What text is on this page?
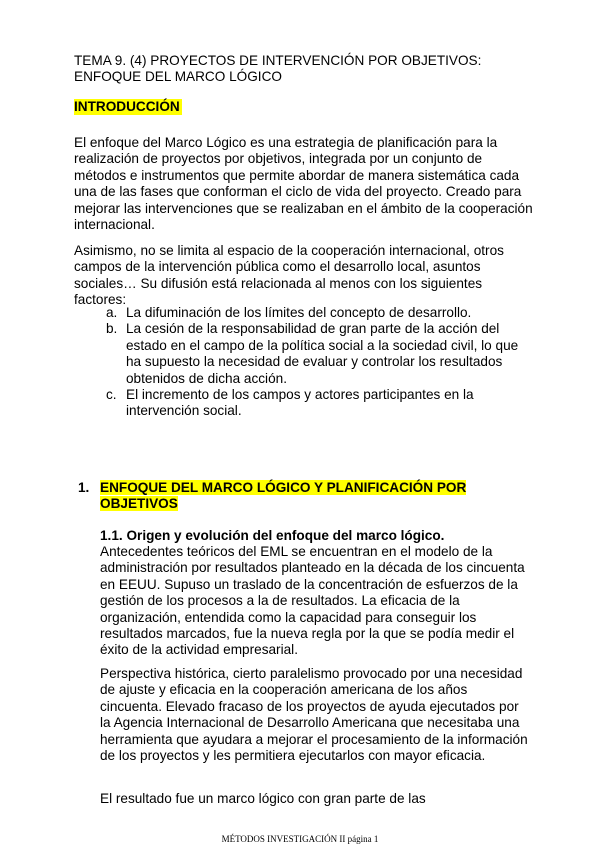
TEMA 9. (4) PROYECTOS DE INTERVENCIÓN POR OBJETIVOS:
ENFOQUE DEL MARCO LÓGICO
INTRODUCCIÓN

El enfoque del Marco Lógico es una estrategia de planificación para la realización de proyectos por objetivos, integrada por un conjunto de métodos e instrumentos que permite abordar de manera sistemática cada una de las fases que conforman el ciclo de vida del proyecto. Creado para mejorar las intervenciones que se realizaban en el ámbito de la cooperación internacional.

Asimismo, no se limita al espacio de la cooperación internacional, otros campos de la intervención pública como el desarrollo local, asuntos sociales… Su difusión está relacionada al menos con los siguientes factores:

a. La difuminación de los límites del concepto de desarrollo.
b. La cesión de la responsabilidad de gran parte de la acción del estado en el campo de la política social a la sociedad civil, lo que ha supuesto la necesidad de evaluar y controlar los resultados obtenidos de dicha acción.
c. El incremento de los campos y actores participantes en la intervención social.
1. ENFOQUE DEL MARCO LÓGICO Y PLANIFICACIÓN POR OBJETIVOS
1.1. Origen y evolución del enfoque del marco lógico.
Antecedentes teóricos del EML se encuentran en el modelo de la administración por resultados planteado en la década de los cincuenta en EEUU. Supuso un traslado de la concentración de esfuerzos de la gestión de los procesos a la de resultados. La eficacia de la organización, entendida como la capacidad para conseguir los resultados marcados, fue la nueva regla por la que se podía medir el éxito de la actividad empresarial.
Perspectiva histórica, cierto paralelismo provocado por una necesidad de ajuste y eficacia en la cooperación americana de los años cincuenta. Elevado fracaso de los proyectos de ayuda ejecutados por la Agencia Internacional de Desarrollo Americana que necesitaba una herramienta que ayudara a mejorar el procesamiento de la información de los proyectos y les permitiera ejecutarlos con mayor eficacia.
El resultado fue un marco lógico con gran parte de las
MÉTODOS INVESTIGACIÓN II página 1
